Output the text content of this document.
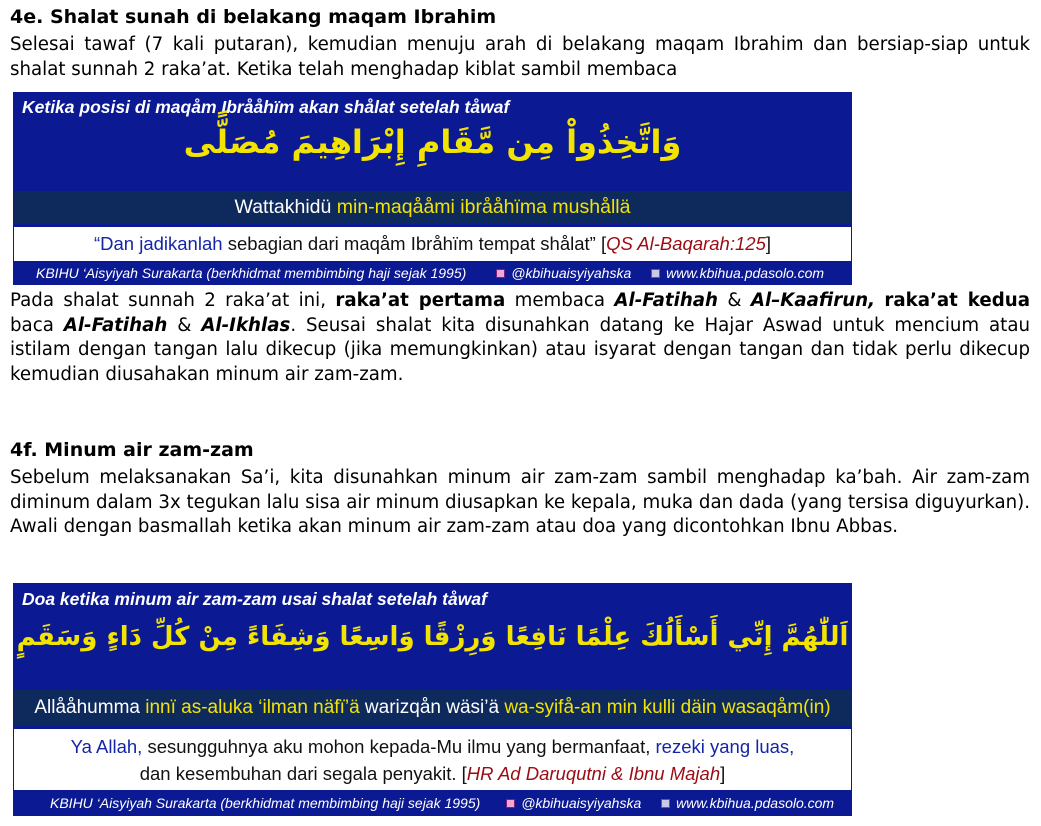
4e. Shalat sunah di belakang maqam Ibrahim
Selesai tawaf (7 kali putaran), kemudian menuju arah di belakang maqam Ibrahim dan bersiap-siap untuk shalat sunnah 2 raka’at. Ketika telah menghadap kiblat sambil membaca
Ketika posisi di maqåm Ibrååhïm akan shålat setelah tåwaf
وَاتَّخِذُواْ مِن مَّقَامِ إِبْرَاهِيمَ مُصَلًّى
Wattakhidü min-maqååmi ibrååhïma mushållä
“Dan jadikanlah sebagian dari maqåm Ibråhïm tempat shålat” [QS Al-Baqarah:125]
KBIHU ‘Aisyiyah Surakarta (berkhidmat membimbing haji sejak 1995)	@kbihuaisyiyahska www.kbihua.pdasolo.com
Pada shalat sunnah 2 raka’at ini, raka’at pertama membaca Al-Fatihah & Al–Kaafirun, raka’at kedua baca Al-Fatihah & Al-Ikhlas. Seusai shalat kita disunahkan datang ke Hajar Aswad untuk mencium atau istilam dengan tangan lalu dikecup (jika memungkinkan) atau isyarat dengan tangan dan tidak perlu dikecup kemudian diusahakan minum air zam-zam.
4f. Minum air zam-zam
Sebelum melaksanakan Sa’i, kita disunahkan minum air zam-zam sambil menghadap ka’bah. Air zam-zam diminum dalam 3x tegukan lalu sisa air minum diusapkan ke kepala, muka dan dada (yang tersisa diguyurkan). Awali dengan basmallah ketika akan minum air zam-zam atau doa yang dicontohkan Ibnu Abbas.
Doa ketika minum air zam-zam usai shalat setelah tåwaf
اَللّٰهُمَّ إِنِّي أَسْأَلُكَ عِلْمًا نَافِعًا وَرِزْقًا وَاسِعًا وَشِفَاءً مِنْ كُلِّ دَاءٍ وَسَقَمٍ
Allååhumma innï as-aluka ‘ilman näfï’ä warizqån wäsi’ä wa-syifå-an min kulli däin wasaqåm(in)
Ya Allah, sesungguhnya aku mohon kepada-Mu ilmu yang bermanfaat, rezeki yang luas,
dan kesembuhan dari segala penyakit. [HR Ad Daruqutni & Ibnu Majah]
KBIHU ‘Aisyiyah Surakarta (berkhidmat membimbing haji sejak 1995)	@kbihuaisyiyahska www.kbihua.pdasolo.com
